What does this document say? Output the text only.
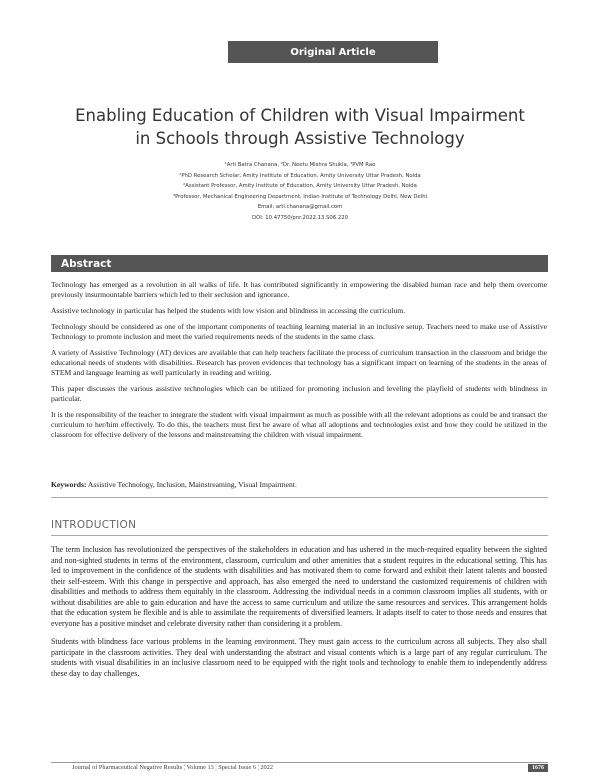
Original Article
Enabling Education of Children with Visual Impairment
in Schools through Assistive Technology
¹Arti Batra Chanana, ²Dr. Neetu Mishra Shukla, ³PVM Rao
¹PhD Research Scholar, Amity Institute of Education, Amity University Uttar Pradesh, Noida
²Assistant Professor, Amity Institute of Education, Amity University Uttar Pradesh, Noida
³Professor, Mechanical Engineering Department, Indian Institute of Technology Delhi, New Delhi
Email: arti.chanana@gmail.com
DOI: 10.47750/pnr.2022.13.S06.220
Abstract

Technology has emerged as a revolution in all walks of life. It has contributed significantly in empowering the disabled human race and help them overcome previously insurmountable barriers which led to their seclusion and ignorance.

Assistive technology in particular has helped the students with low vision and blindness in accessing the curriculum.

Technology should be considered as one of the important components of teaching learning material in an inclusive setup. Teachers need to make use of Assistive Technology to promote inclusion and meet the varied requirements needs of the students in the same class.

A variety of Assistive Technology (AT) devices are available that can help teachers facilitate the process of curriculum transaction in the classroom and bridge the educational needs of students with disabilities. Research has proven evidences that technology has a significant impact on learning of the students in the areas of STEM and language learning as well particularly in reading and writing.

This paper discusses the various assistive technologies which can be utilized for promoting inclusion and leveling the playfield of students with blindness in particular.

It is the responsibility of the teacher to integrate the student with visual impairment as much as possible with all the relevant adoptions as could be and transact the curriculum to her/him effectively. To do this, the teachers must first be aware of what all adoptions and technologies exist and how they could be utilized in the classroom for effective delivery of the lessons and mainstreaming the children with visual impairment.

Keywords: Assistive Technology, Inclusion, Mainstreaming, Visual Impairment.
INTRODUCTION

The term Inclusion has revolutionized the perspectives of the stakeholders in education and has ushered in the much-required equality between the sighted and non-sighted students in terms of the environment, classroom, curriculum and other amenities that a student requires in the educational setting. This has led to improvement in the confidence of the students with disabilities and has motivated them to come forward and exhibit their latent talents and boosted their self-esteem. With this change in perspective and approach, has also emerged the need to understand the customized requirements of children with disabilities and methods to address them equitably in the classroom. Addressing the individual needs in a common classroom implies all students, with or without disabilities are able to gain education and have the access to same curriculum and utilize the same resources and services. This arrangement holds that the education system be flexible and is able to assimilate the requirements of diversified learners. It adapts itself to cater to those needs and ensures that everyone has a positive mindset and celebrate diversity rather than considering it a problem.

Students with blindness face various problems in the learning environment. They must gain access to the curriculum across all subjects. They also shall participate in the classroom activities. They deal with understanding the abstract and visual contents which is a large part of any regular curriculum. The students with visual disabilities in an inclusive classroom need to be equipped with the right tools and technology to enable them to independently address these day to day challenges.

Journal of Pharmaceutical Negative Results ¦ Volume 13 ¦ Special Issue 6 ¦ 2022	1676
